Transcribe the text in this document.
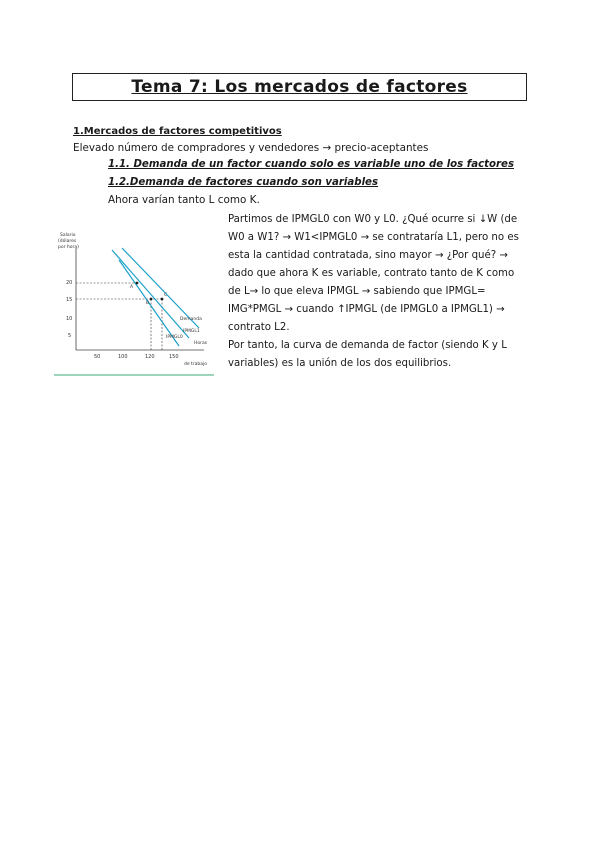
Tema 7: Los mercados de factores
1.Mercados de factores competitivos
Elevado número de compradores y vendedores → precio-aceptantes
1.1. Demanda de un factor cuando solo es variable uno de los factores
1.2.Demanda de factores cuando son variables
Ahora varían tanto L como K.

Partimos de IPMGL0 con W0 y L0. ¿Qué ocurre si ↓W (de W0 a W1? → W1<IPMGL0 → se contrataría L1, pero no es esta la cantidad contratada, sino mayor → ¿Por qué? → dado que ahora K es variable, contrato tanto de K como de L→ lo que eleva IPMGL → sabiendo que IPMGL= IMG*PMGL → cuando ↑IPMGL (de IPMGL0 a IPMGL1) → contrato L2.

Por tanto, la curva de demanda de factor (siendo K y L variables) es la unión de los dos equilibrios.

Salario (dólares por hora)
20
15
10
5
50	100	120	150
Horas de trabajo
A
B
C
IPMGL0
IPMGL1
Demanda
